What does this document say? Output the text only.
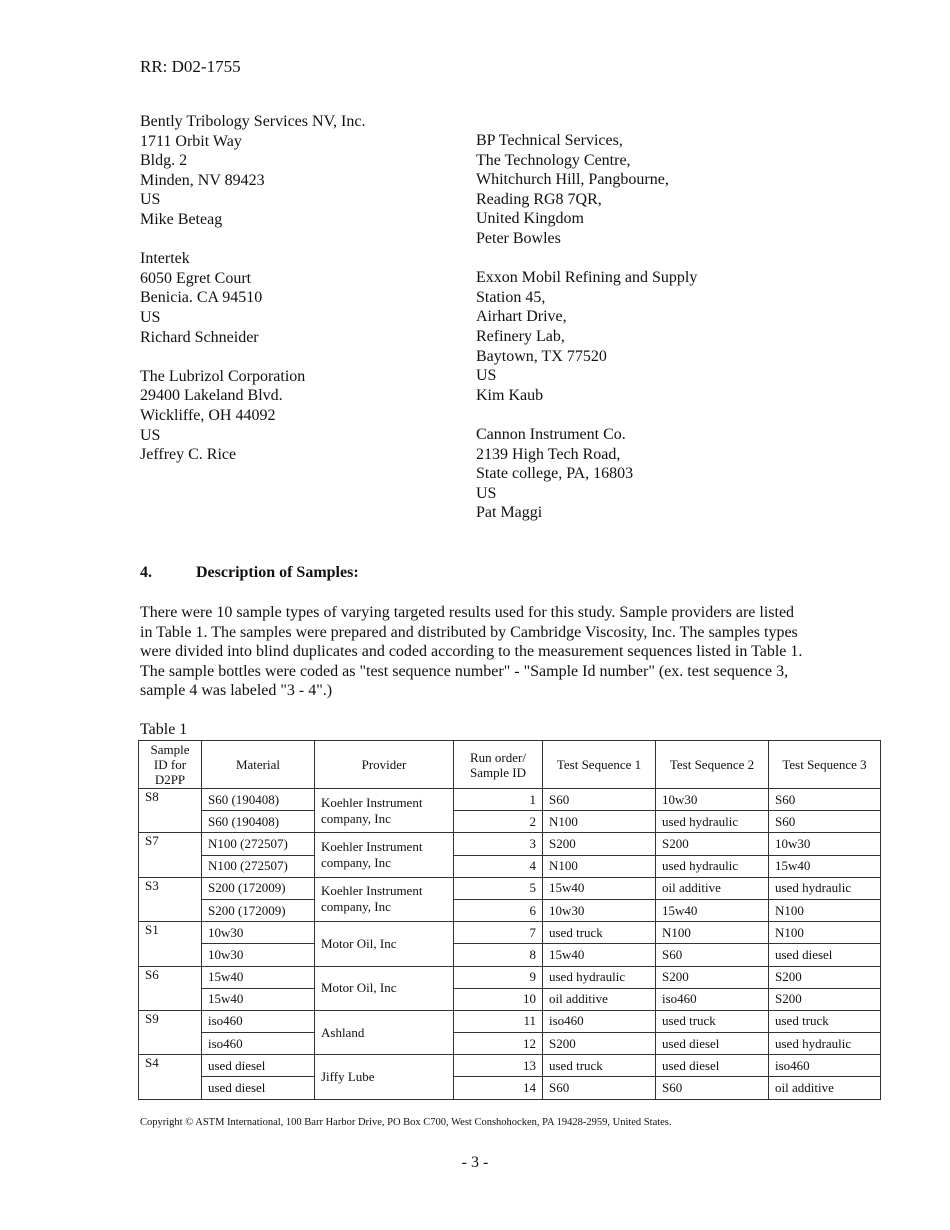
RR: D02-1755
Bently Tribology Services NV, Inc.
1711 Orbit Way
Bldg. 2
Minden, NV 89423
US
Mike Beteag
Intertek
6050 Egret Court
Benicia. CA 94510
US
Richard Schneider
The Lubrizol Corporation
29400 Lakeland Blvd.
Wickliffe, OH 44092
US
Jeffrey C. Rice
BP Technical Services,
The Technology Centre,
Whitchurch Hill, Pangbourne,
Reading RG8 7QR,
United Kingdom
Peter Bowles
Exxon Mobil Refining and Supply
Station 45,
Airhart Drive,
Refinery Lab,
Baytown, TX 77520
US
Kim Kaub
Cannon Instrument Co.
2139 High Tech Road,
State college, PA, 16803
US
Pat Maggi
4.	Description of Samples:
There were 10 sample types of varying targeted results used for this study. Sample providers are listed
in Table 1. The samples were prepared and distributed by Cambridge Viscosity, Inc. The samples types
were divided into blind duplicates and coded according to the measurement sequences listed in Table 1.
The sample bottles were coded as "test sequence number" - "Sample Id number" (ex. test sequence 3,
sample 4 was labeled "3 - 4".)
Table 1
Sample ID for D2PP	Material	Provider	Run order/ Sample ID	Test Sequence 1	Test Sequence 2	Test Sequence 3
S8	S60 (190408)	Koehler Instrument company, Inc	1	S60	10w30	S60
	S60 (190408)		2	N100	used hydraulic	S60
S7	N100 (272507)	Koehler Instrument company, Inc	3	S200	S200	10w30
	N100 (272507)		4	N100	used hydraulic	15w40
S3	S200 (172009)	Koehler Instrument company, Inc	5	15w40	oil additive	used hydraulic
	S200 (172009)		6	10w30	15w40	N100
S1	10w30	Motor Oil, Inc	7	used truck	N100	N100
	10w30		8	15w40	S60	used diesel
S6	15w40	Motor Oil, Inc	9	used hydraulic	S200	S200
	15w40		10	oil additive	iso460	S200
S9	iso460	Ashland	11	iso460	used truck	used truck
	iso460		12	S200	used diesel	used hydraulic
S4	used diesel	Jiffy Lube	13	used truck	used diesel	iso460
	used diesel		14	S60	S60	oil additive
Copyright © ASTM International, 100 Barr Harbor Drive, PO Box C700, West Conshohocken, PA 19428-2959, United States.
- 3 -
